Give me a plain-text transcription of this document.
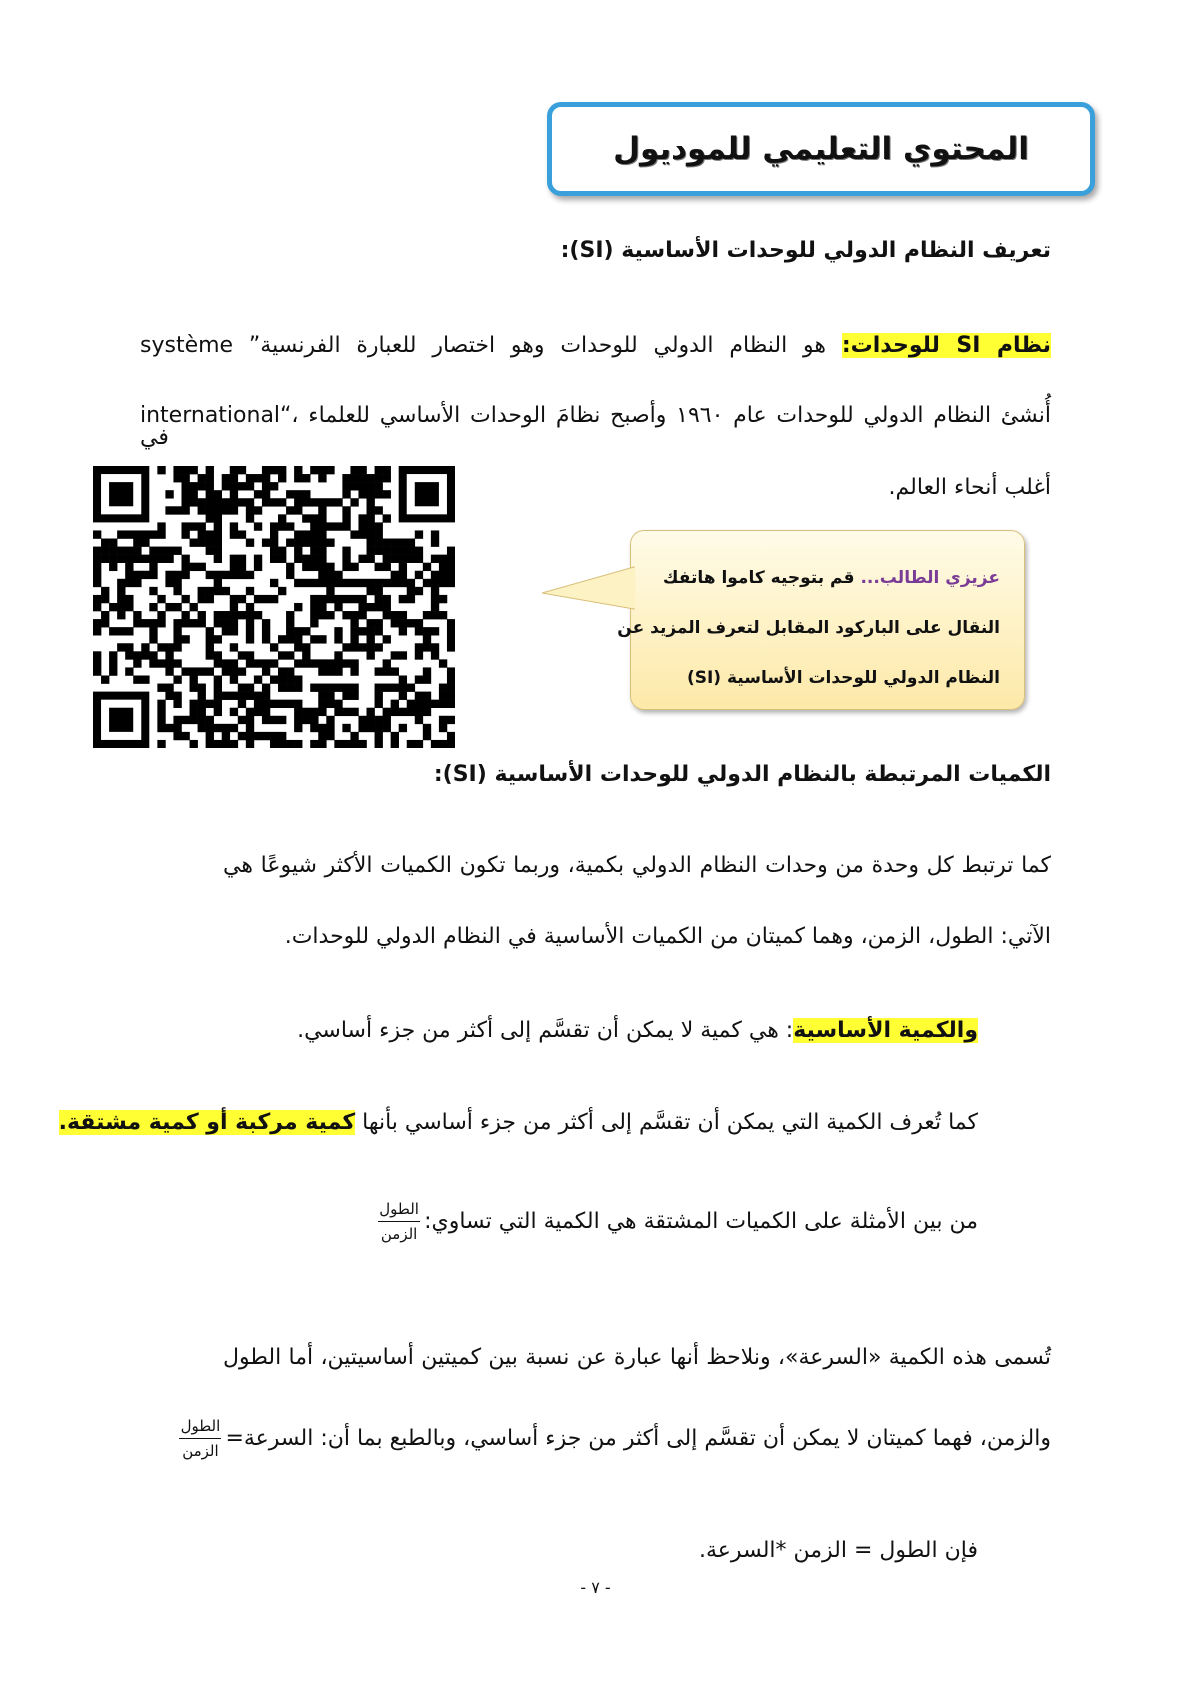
المحتوي التعليمي للموديول
تعريف النظام الدولي للوحدات الأساسية (SI):
نظام SI للوحدات: هو النظام الدولي للوحدات وهو اختصار للعبارة الفرنسية” système
international“، أُنشئ النظام الدولي للوحدات عام ١٩٦٠ وأصبح نظامَ الوحدات الأساسي للعلماء في
أغلب أنحاء العالم.
عزيزي الطالب... قم بتوجيه كاموا هاتفك
النقال على الباركود المقابل لتعرف المزيد عن
النظام الدولي للوحدات الأساسية (SI)
الكميات المرتبطة بالنظام الدولي للوحدات الأساسية (SI):
كما ترتبط كل وحدة من وحدات النظام الدولي بكمية، وربما تكون الكميات الأكثر شيوعًا هي
الآتي: الطول، الزمن، وهما كميتان من الكميات الأساسية في النظام الدولي للوحدات.
والكمية الأساسية: هي كمية لا يمكن أن تقسَّم إلى أكثر من جزء أساسي.
كما تُعرف الكمية التي يمكن أن تقسَّم إلى أكثر من جزء أساسي بأنها كمية مركبة أو كمية مشتقة.
من بين الأمثلة على الكميات المشتقة هي الكمية التي تساوي:
$\frac{\text{الطول}}{\text{الزمن}}$
تُسمى هذه الكمية «السرعة»، ونلاحظ أنها عبارة عن نسبة بين كميتين أساسيتين، أما الطول
والزمن، فهما كميتان لا يمكن أن تقسَّم إلى أكثر من جزء أساسي، وبالطبع بما أن: السرعة=
$\frac{\text{الطول}}{\text{الزمن}}$
فإن الطول = الزمن *السرعة.
- ٧ -
